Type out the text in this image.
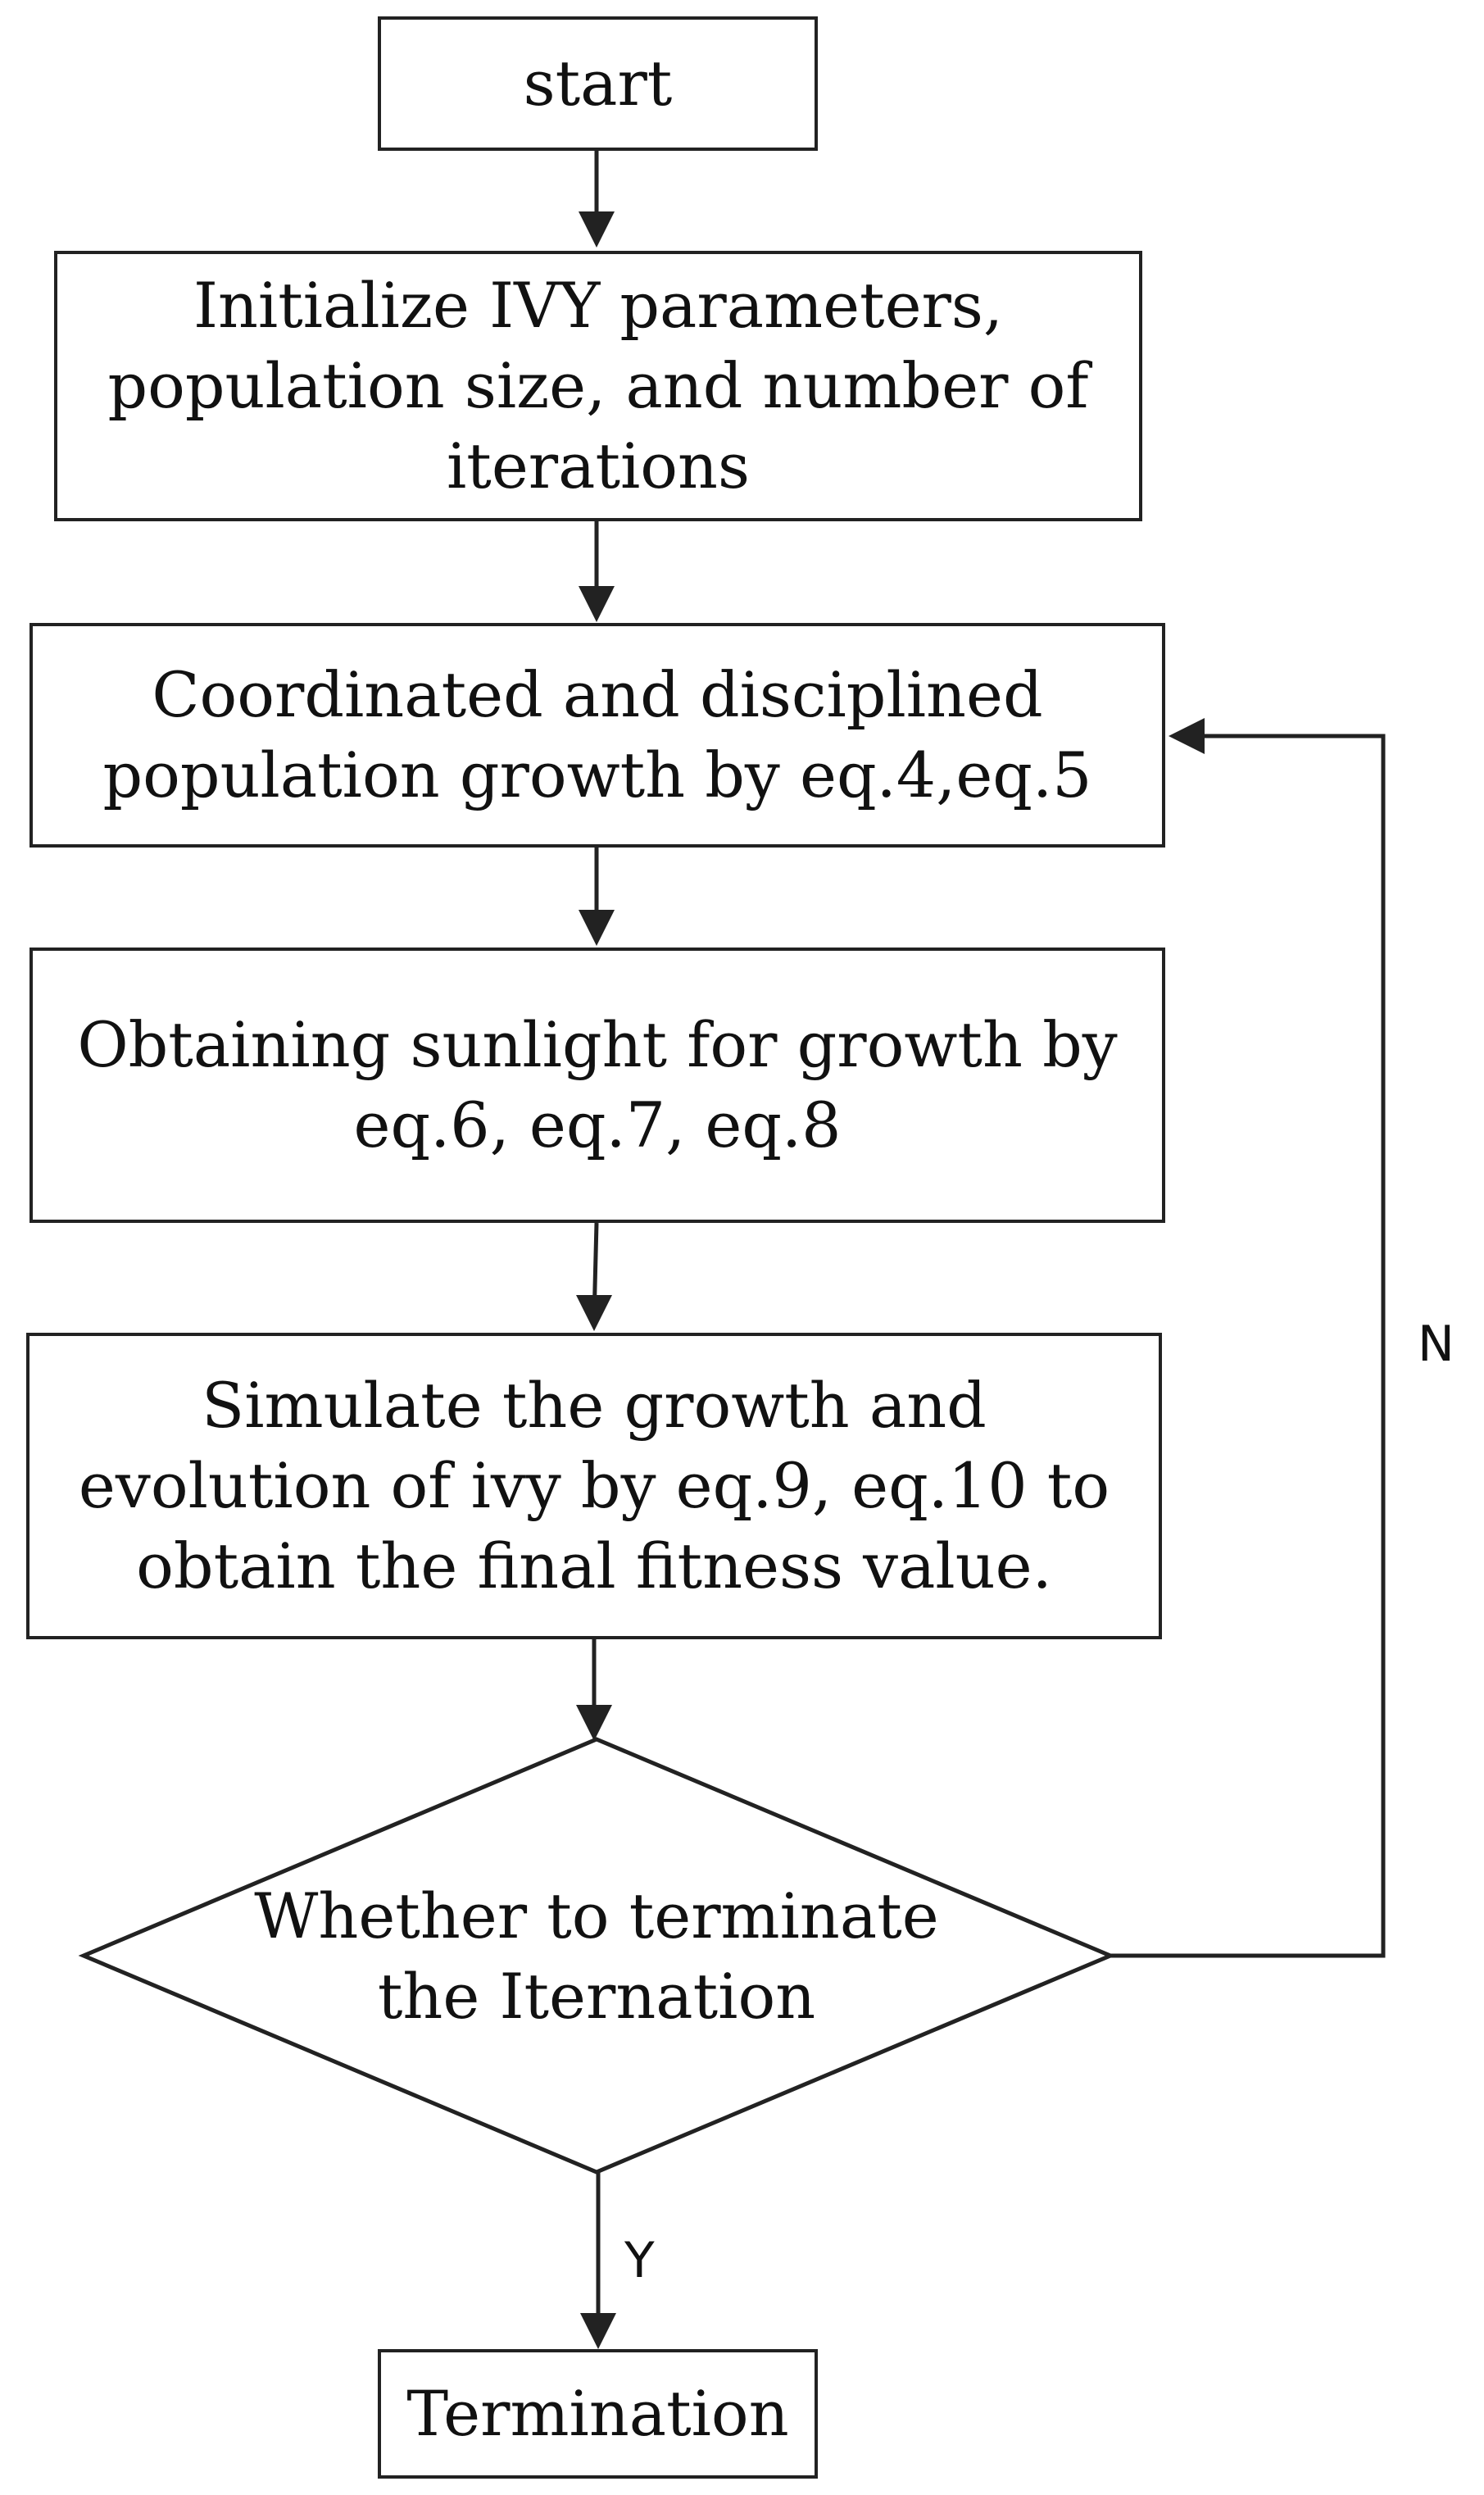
start
Initialize IVY parameters,
population size, and number of
iterations
Coordinated and disciplined
population growth by eq.4,eq.5
Obtaining sunlight for growth by
eq.6, eq.7, eq.8
Simulate the growth and
evolution of ivy by eq.9, eq.10 to
obtain the final fitness value.
Whether to terminate
the Iternation
Termination
N
Y
